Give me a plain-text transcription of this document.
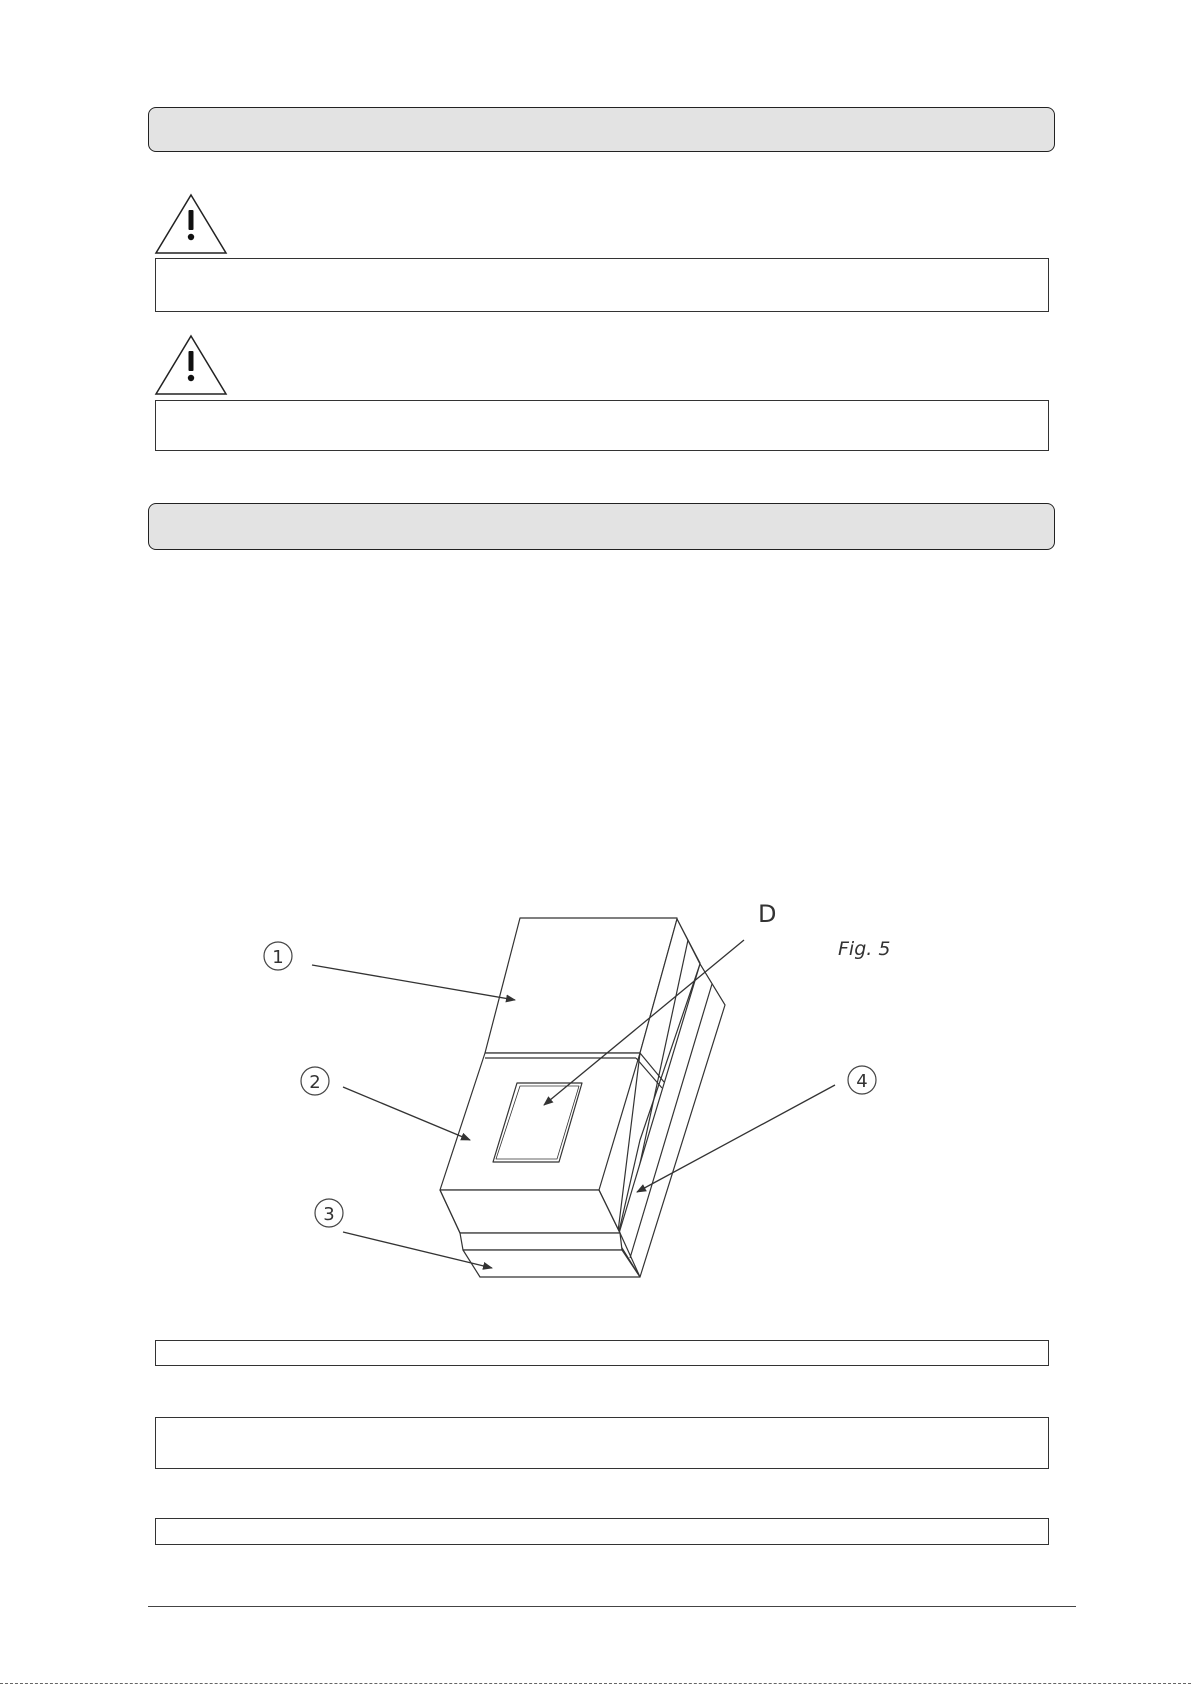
1
2
3
4
D
Fig. 5
